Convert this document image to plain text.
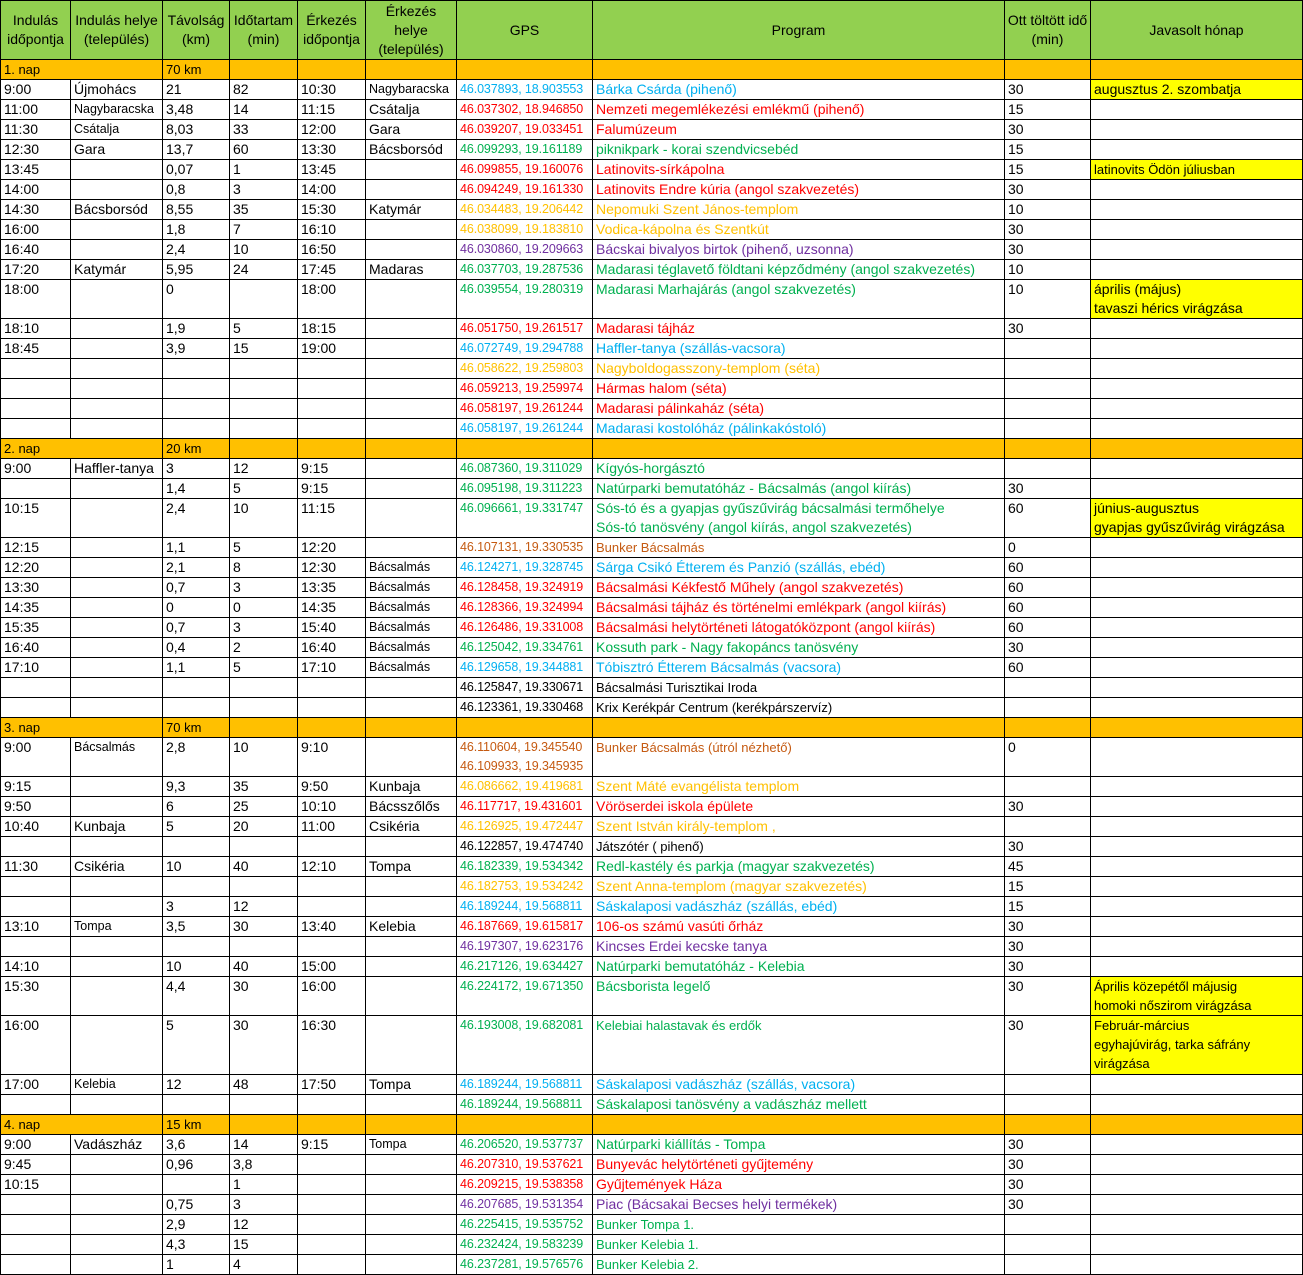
Indulás időpontja	Indulás helye (település)	Távolság (km)	Időtartam (min)	Érkezés időpontja	Érkezés helye (település)	GPS	Program	Ott töltött idő (min)	Javasolt hónap
1. nap		70 km							
9:00	Újmohács	21	82	10:30	Nagybaracska	46.037893, 18.903553	Bárka Csárda (pihenő)	30	augusztus 2. szombatja

11:00	Nagybaracska	3,48	14	11:15	Csátalja	46.037302, 18.946850	Nemzeti megemlékezési emlékmű (pihenő)	15	
11:30	Csátalja	8,03	33	12:00	Gara	46.039207, 19.033451	Falumúzeum	30	
12:30	Gara	13,7	60	13:30	Bácsborsód	46.099293, 19.161189	piknikpark - korai szendvicsebéd	15	
13:45		0,07	1	13:45		46.099855, 19.160076	Latinovits-sírkápolna	15	latinovits Ödön júliusban

14:00		0,8	3	14:00		46.094249, 19.161330	Latinovits Endre kúria (angol szakvezetés)	30	
14:30	Bácsborsód	8,55	35	15:30	Katymár	46.034483, 19.206442	Nepomuki Szent János-templom	10	
16:00		1,8	7	16:10		46.038099, 19.183810	Vodica-kápolna és Szentkút	30	
16:40		2,4	10	16:50		46.030860, 19.209663	Bácskai bivalyos birtok (pihenő, uzsonna)	30	
17:20	Katymár	5,95	24	17:45	Madaras	46.037703, 19.287536	Madarasi téglavető földtani képződmény (angol szakvezetés)	10	
18:00		0		18:00		46.039554, 19.280319	Madarasi Marhajárás (angol szakvezetés)	10	április (május)
tavaszi hérics virágzása

18:10		1,9	5	18:15		46.051750, 19.261517	Madarasi tájház	30	
18:45		3,9	15	19:00		46.072749, 19.294788	Haffler-tanya (szállás-vacsora)		

						46.058622, 19.259803	Nagyboldogasszony-templom (séta)		

						46.059213, 19.259974	Hármas halom (séta)		

						46.058197, 19.261244	Madarasi pálinkaház (séta)		

						46.058197, 19.261244	Madarasi kostolóház (pálinkakóstoló)		

2. nap		20 km							
9:00	Haffler-tanya	3	12	9:15		46.087360, 19.311029	Kígyós-horgásztó		

		1,4	5	9:15		46.095198, 19.311223	Natúrparki bemutatóház - Bácsalmás (angol kiírás)	30	
10:15		2,4	10	11:15		46.096661, 19.331747	Sós-tó és a gyapjas gyűszűvirág bácsalmási termőhelye
Sós-tó tanösvény (angol kiírás, angol szakvezetés)	60	június-augusztus
gyapjas gyűszűvirág virágzása

12:15		1,1	5	12:20		46.107131, 19.330535	Bunker Bácsalmás	0	
12:20		2,1	8	12:30	Bácsalmás	46.124271, 19.328745	Sárga Csikó Étterem és Panzió (szállás, ebéd)	60	
13:30		0,7	3	13:35	Bácsalmás	46.128458, 19.324919	Bácsalmási Kékfestő Műhely (angol szakvezetés)	60	
14:35		0	0	14:35	Bácsalmás	46.128366, 19.324994	Bácsalmási tájház és történelmi emlékpark (angol kiírás)	60	
15:35		0,7	3	15:40	Bácsalmás	46.126486, 19.331008	Bácsalmási helytörténeti látogatóközpont (angol kiírás)	60	
16:40		0,4	2	16:40	Bácsalmás	46.125042, 19.334761	Kossuth park - Nagy fakopáncs tanösvény	30	
17:10		1,1	5	17:10	Bácsalmás	46.129658, 19.344881	Tóbisztró Étterem Bácsalmás (vacsora)	60	

						46.125847, 19.330671	Bácsalmási Turisztikai Iroda		

						46.123361, 19.330468	Krix Kerékpár Centrum (kerékpárszervíz)		

3. nap		70 km							
9:00	Bácsalmás	2,8	10	9:10		46.110604, 19.345540
46.109933, 19.345935	Bunker Bácsalmás (útról nézhető)	0	
9:15		9,3	35	9:50	Kunbaja	46.086662, 19.419681	Szent Máté evangélista templom		

9:50		6	25	10:10	Bácsszőlős	46.117717, 19.431601	Vöröserdei iskola épülete	30	
10:40	Kunbaja	5	20	11:00	Csikéria	46.126925, 19.472447	Szent István király-templom ,		

						46.122857, 19.474740	Játszótér ( pihenő)	30	
11:30	Csikéria	10	40	12:10	Tompa	46.182339, 19.534342	Redl-kastély és parkja (magyar szakvezetés)	45	

						46.182753, 19.534242	Szent Anna-templom (magyar szakvezetés)	15	
		3	12			46.189244, 19.568811	Sáskalaposi vadászház (szállás, ebéd)	15	
13:10	Tompa	3,5	30	13:40	Kelebia	46.187669, 19.615817	106-os számú vasúti őrház	30	

						46.197307, 19.623176	Kincses Erdei kecske tanya	30	
14:10		10	40	15:00		46.217126, 19.634427	Natúrparki bemutatóház - Kelebia	30	
15:30		4,4	30	16:00		46.224172, 19.671350	Bácsborista legelő	30	Április közepétől májusig
homoki nőszirom virágzása

16:00		5	30	16:30		46.193008, 19.682081	Kelebiai halastavak és erdők	30	Február-március
egyhajúvirág, tarka sáfrány
virágzása

17:00	Kelebia	12	48	17:50	Tompa	46.189244, 19.568811	Sáskalaposi vadászház (szállás, vacsora)		

						46.189244, 19.568811	Sáskalaposi tanösvény a vadászház mellett		

4. nap		15 km							
9:00	Vadászház	3,6	14	9:15	Tompa	46.206520, 19.537737	Natúrparki kiállítás - Tompa	30	
9:45		0,96	3,8			46.207310, 19.537621	Bunyevác helytörténeti gyűjtemény	30	
10:15			1			46.209215, 19.538358	Gyűjtemények Háza	30	
		0,75	3			46.207685, 19.531354	Piac (Bácsakai Becses helyi termékek)	30	
		2,9	12			46.225415, 19.535752	Bunker Tompa 1.		

		4,3	15			46.232424, 19.583239	Bunker Kelebia 1.		

		1	4			46.237281, 19.576576	Bunker Kelebia 2.		
